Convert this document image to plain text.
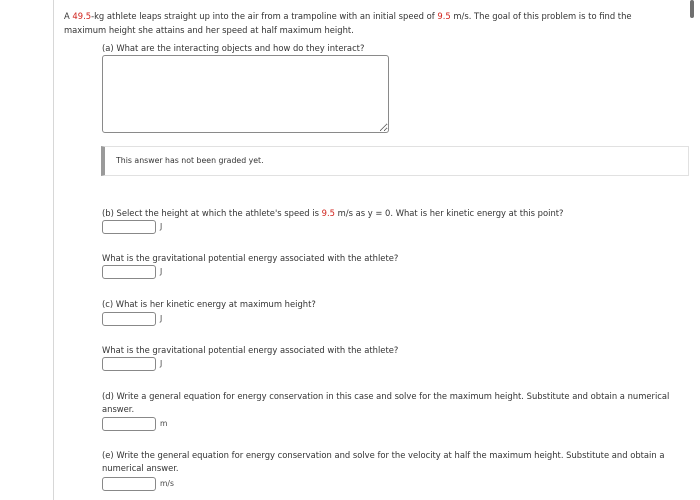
A 49.5-kg athlete leaps straight up into the air from a trampoline with an initial speed of 9.5 m/s. The goal of this problem is to find the maximum height she attains and her speed at half maximum height.
(a) What are the interacting objects and how do they interact?
This answer has not been graded yet.
(b) Select the height at which the athlete's speed is 9.5 m/s as y = 0. What is her kinetic energy at this point?
J
What is the gravitational potential energy associated with the athlete?
J
(c) What is her kinetic energy at maximum height?
J
What is the gravitational potential energy associated with the athlete?
J
(d) Write a general equation for energy conservation in this case and solve for the maximum height. Substitute and obtain a numerical answer.
m
(e) Write the general equation for energy conservation and solve for the velocity at half the maximum height. Substitute and obtain a numerical answer.
m/s
